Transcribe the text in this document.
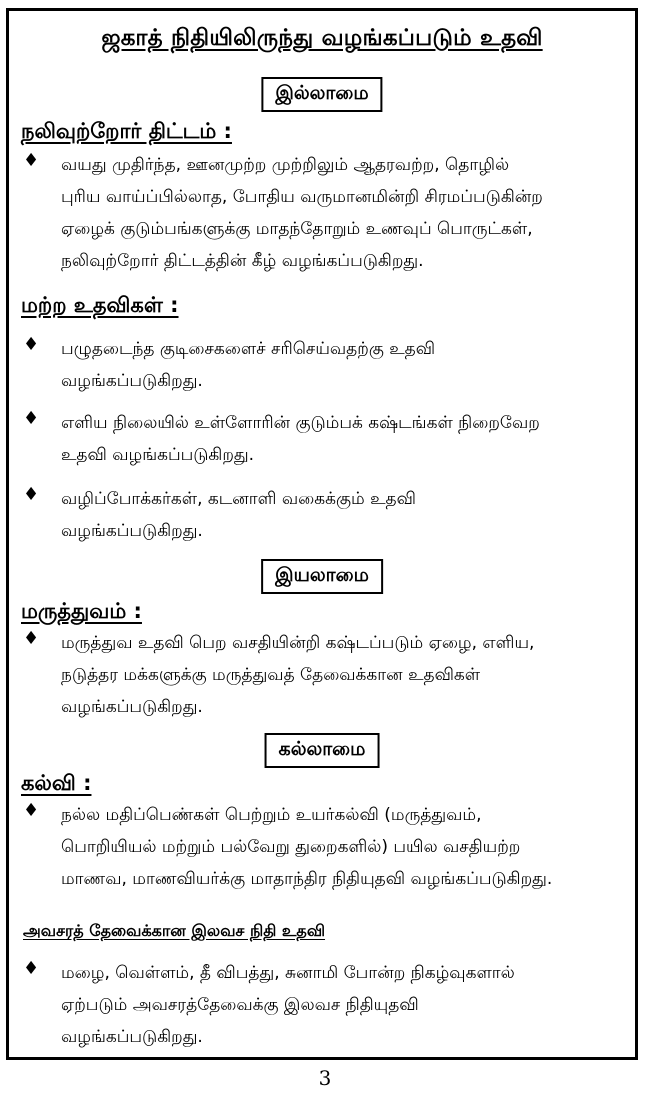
ஜகாத் நிதியிலிருந்து வழங்கப்படும் உதவி
இல்லாமை
நலிவுற்றோர் திட்டம் :
♦	வயது முதிர்ந்த, ஊனமுற்ற முற்றிலும் ஆதரவற்ற, தொழில்
புரிய வாய்ப்பில்லாத, போதிய வருமானமின்றி சிரமப்படுகின்ற
ஏழைக் குடும்பங்களுக்கு மாதந்தோறும் உணவுப் பொருட்கள்,
நலிவுற்றோர் திட்டத்தின் கீழ் வழங்கப்படுகிறது.

மற்ற உதவிகள் :
♦	பழுதடைந்த குடிசைகளைச் சரிசெய்வதற்கு உதவி
வழங்கப்படுகிறது.

♦	எளிய நிலையில் உள்ளோரின் குடும்பக் கஷ்டங்கள் நிறைவேற
உதவி வழங்கப்படுகிறது.

♦	வழிப்போக்கர்கள், கடனாளி வகைக்கும் உதவி
வழங்கப்படுகிறது.

இயலாமை
மருத்துவம் :
♦	மருத்துவ உதவி பெற வசதியின்றி கஷ்டப்படும் ஏழை, எளிய,
நடுத்தர மக்களுக்கு மருத்துவத் தேவைக்கான உதவிகள்
வழங்கப்படுகிறது.

கல்லாமை
கல்வி :
♦	நல்ல மதிப்பெண்கள் பெற்றும் உயர்கல்வி (மருத்துவம்,
பொறியியல் மற்றும் பல்வேறு துறைகளில்) பயில வசதியற்ற
மாணவ, மாணவியர்க்கு மாதாந்திர நிதியுதவி வழங்கப்படுகிறது.

அவசரத் தேவைக்கான இலவச நிதி உதவி
♦	மழை, வெள்ளம், தீ விபத்து, சுனாமி போன்ற நிகழ்வுகளால்
ஏற்படும் அவசரத்தேவைக்கு இலவச நிதியுதவி
வழங்கப்படுகிறது.

3
